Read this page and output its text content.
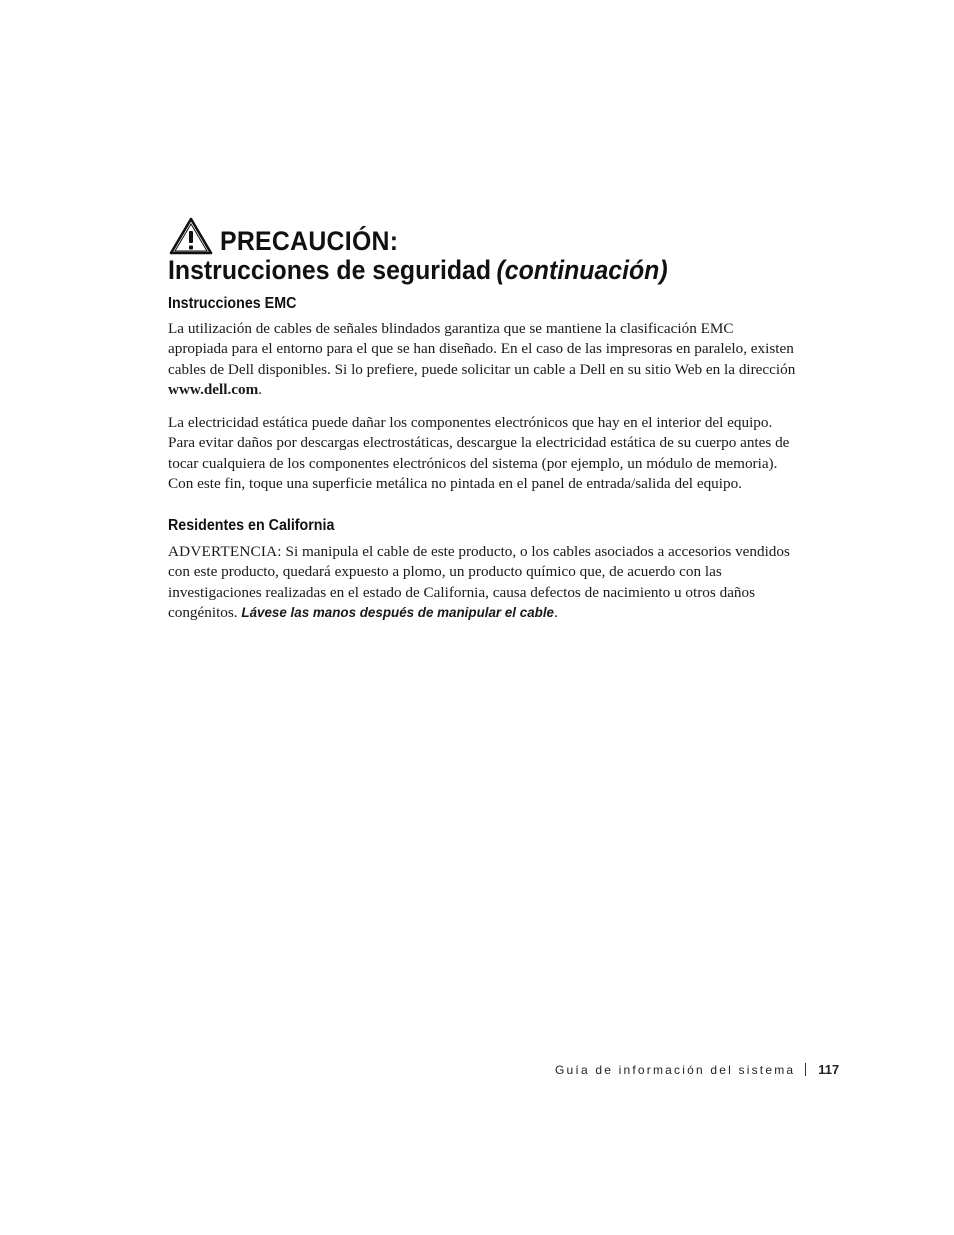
PRECAUCIÓN:
Instrucciones de seguridad (continuación)
Instrucciones EMC
La utilización de cables de señales blindados garantiza que se mantiene la clasificación EMC
apropiada para el entorno para el que se han diseñado. En el caso de las impresoras en paralelo, existen
cables de Dell disponibles. Si lo prefiere, puede solicitar un cable a Dell en su sitio Web en la dirección
www.dell.com.
La electricidad estática puede dañar los componentes electrónicos que hay en el interior del equipo.
Para evitar daños por descargas electrostáticas, descargue la electricidad estática de su cuerpo antes de
tocar cualquiera de los componentes electrónicos del sistema (por ejemplo, un módulo de memoria).
Con este fin, toque una superficie metálica no pintada en el panel de entrada/salida del equipo.
Residentes en California
ADVERTENCIA: Si manipula el cable de este producto, o los cables asociados a accesorios vendidos
con este producto, quedará expuesto a plomo, un producto químico que, de acuerdo con las
investigaciones realizadas en el estado de California, causa defectos de nacimiento u otros daños
congénitos. Lávese las manos después de manipular el cable.
Guía de información del sistema 117
